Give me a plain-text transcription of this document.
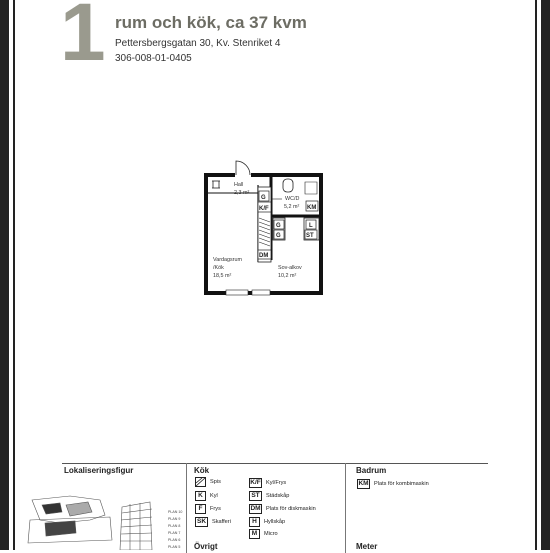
1 rum och kök, ca 37 kvm
Pettersbergsgatan 30, Kv. Stenriket 4
306-008-01-0405
Hall
2,3 m²
WC/D
5,2 m²
Vardagsrum
/Kök
18,5 m²
Sov-alkov
10,2 m²
G
K/F
G
G
L
ST
KM
DM
Lokaliseringsfigur
PLAN 10
PLAN 9
PLAN 8
PLAN 7
PLAN 6
PLAN 5
Kök
Spis
K	Kyl
F	Frys
SK	Skafferi
K/F Kyl/Frys
ST	Städskåp
DM Plats för diskmaskin
H	Hyllskåp
M	Micro
Badrum
KM Plats för kombimaskin
Övrigt	Meter
